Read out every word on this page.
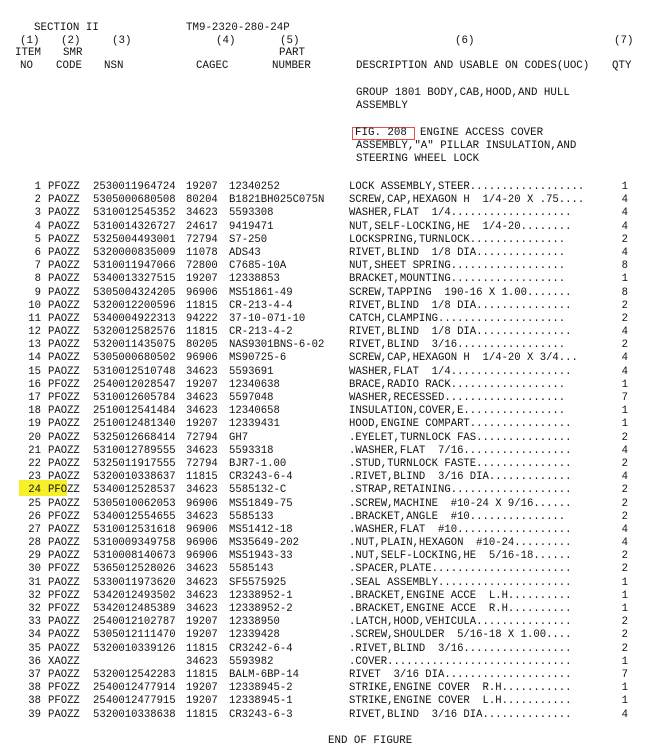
SECTION II	TM9-2320-280-24P
(1) (2)	(3)	(4)	(5)	(6)	(7)
ITEM SMR	PART
NO CODE NSN	CAGEC	NUMBER	DESCRIPTION AND USABLE ON CODES(UOC) QTY
GROUP 1801 BODY,CAB,HOOD,AND HULL
ASSEMBLY
FIG. 208 ENGINE ACCESS COVER
ASSEMBLY,"A" PILLAR INSULATION,AND
STEERING WHEEL LOCK
1 PFOZZ 2530011964724 19207 12340252	LOCK ASSEMBLY,STEER..................	1
2 PAOZZ 5305000680508 80204 B1821BH025C075N SCREW,CAP,HEXAGON H  1/4-20 X .75....	4
3 PAOZZ 5310012545352 34623 5593308	WASHER,FLAT  1/4...................	4
4 PAOZZ 5310014326727 24617 9419471	NUT,SELF-LOCKING,HE  1/4-20........	4
5 PAOZZ 5325004493001 72794 S7-250	LOCKSPRING,TURNLOCK...............	2
6 PAOZZ 5320000835009 11078 ADS43	RIVET,BLIND  1/8 DIA..............	4
7 PAOZZ 5310011947066 72800 C7685-10A	NUT,SHEET SPRING..................	8
8 PAOZZ 5340013327515 19207 12338853	BRACKET,MOUNTING..................	1
9 PAOZZ 5305004324205 96906 MS51861-49	SCREW,TAPPING  190-16 X 1.00.......	8
10 PAOZZ 5320012200596 11815 CR-213-4-4	RIVET,BLIND  1/8 DIA...............	2
11 PAOZZ 5340004922313 94222 37-10-071-10	CATCH,CLAMPING....................	2
12 PAOZZ 5320012582576 11815 CR-213-4-2	RIVET,BLIND  1/8 DIA...............	4
13 PAOZZ 5320011435075 80205 NAS9301BNS-6-02 RIVET,BLIND  3/16.................	2
14 PAOZZ 5305000680502 96906 MS90725-6	SCREW,CAP,HEXAGON H  1/4-20 X 3/4...	4
15 PAOZZ 5310012510748 34623 5593691	WASHER,FLAT  1/4...................	4
16 PFOZZ 2540012028547 19207 12340638	BRACE,RADIO RACK..................	1
17 PFOZZ 5310012605784 34623 5597048	WASHER,RECESSED...................	7
18 PAOZZ 2510012541484 34623 12340658	INSULATION,COVER,E................	1
19 PAOZZ 2510012481340 19207 12339431	HOOD,ENGINE COMPART................	1
20 PAOZZ 5325012668414 72794 GH7	.EYELET,TURNLOCK FAS...............	2
21 PAOZZ 5310012789555 34623 5593318	.WASHER,FLAT  7/16.................	4
22 PAOZZ 5325011917555 72794 BJR7-1.00	.STUD,TURNLOCK FASTE...............	2
23 PAOZZ 5320010338637 11815 CR3243-6-4	.RIVET,BLIND  3/16 DIA.............	4
24 PFOZZ 5340012528537 34623 5585132-C	.STRAP,RETAINING...................	2
25 PAOZZ 5305010062053 96906 MS51849-75	.SCREW,MACHINE  #10-24 X 9/16......	2
26 PFOZZ 5340012554655 34623 5585133	.BRACKET,ANGLE  #10...............	2
27 PAOZZ 5310012531618 96906 MS51412-18	.WASHER,FLAT  #10..................	4
28 PAOZZ 5310009349758 96906 MS35649-202	.NUT,PLAIN,HEXAGON  #10-24.........	4
29 PAOZZ 5310008140673 96906 MS51943-33	.NUT,SELF-LOCKING,HE  5/16-18......	2
30 PFOZZ 5365012528026 34623 5585143	.SPACER,PLATE......................	2
31 PAOZZ 5330011973620 34623 SF5575925	.SEAL ASSEMBLY.....................	1
32 PFOZZ 5342012493502 34623 12338952-1	.BRACKET,ENGINE ACCE  L.H..........	1
32 PFOZZ 5342012485389 34623 12338952-2	.BRACKET,ENGINE ACCE  R.H..........	1
33 PAOZZ 2540012102787 19207 12338950	.LATCH,HOOD,VEHICULA...............	2
34 PAOZZ 5305012111470 19207 12339428	.SCREW,SHOULDER  5/16-18 X 1.00....	2
35 PAOZZ 5320010339126 11815 CR3242-6-4	.RIVET,BLIND  3/16.................	2
36 XAOZZ	34623 5593982	.COVER.............................	1
37 PAOZZ 5320012542283 11815 BALM-6BP-14	RIVET  3/16 DIA....................	7
38 PFOZZ 2540012477914 19207 12338945-2	STRIKE,ENGINE COVER  R.H...........	1
38 PFOZZ 2540012477915 19207 12338945-1	STRIKE,ENGINE COVER  L.H...........	1
39 PAOZZ 5320010338638 11815 CR3243-6-3	RIVET,BLIND  3/16 DIA..............	4
END OF FIGURE
